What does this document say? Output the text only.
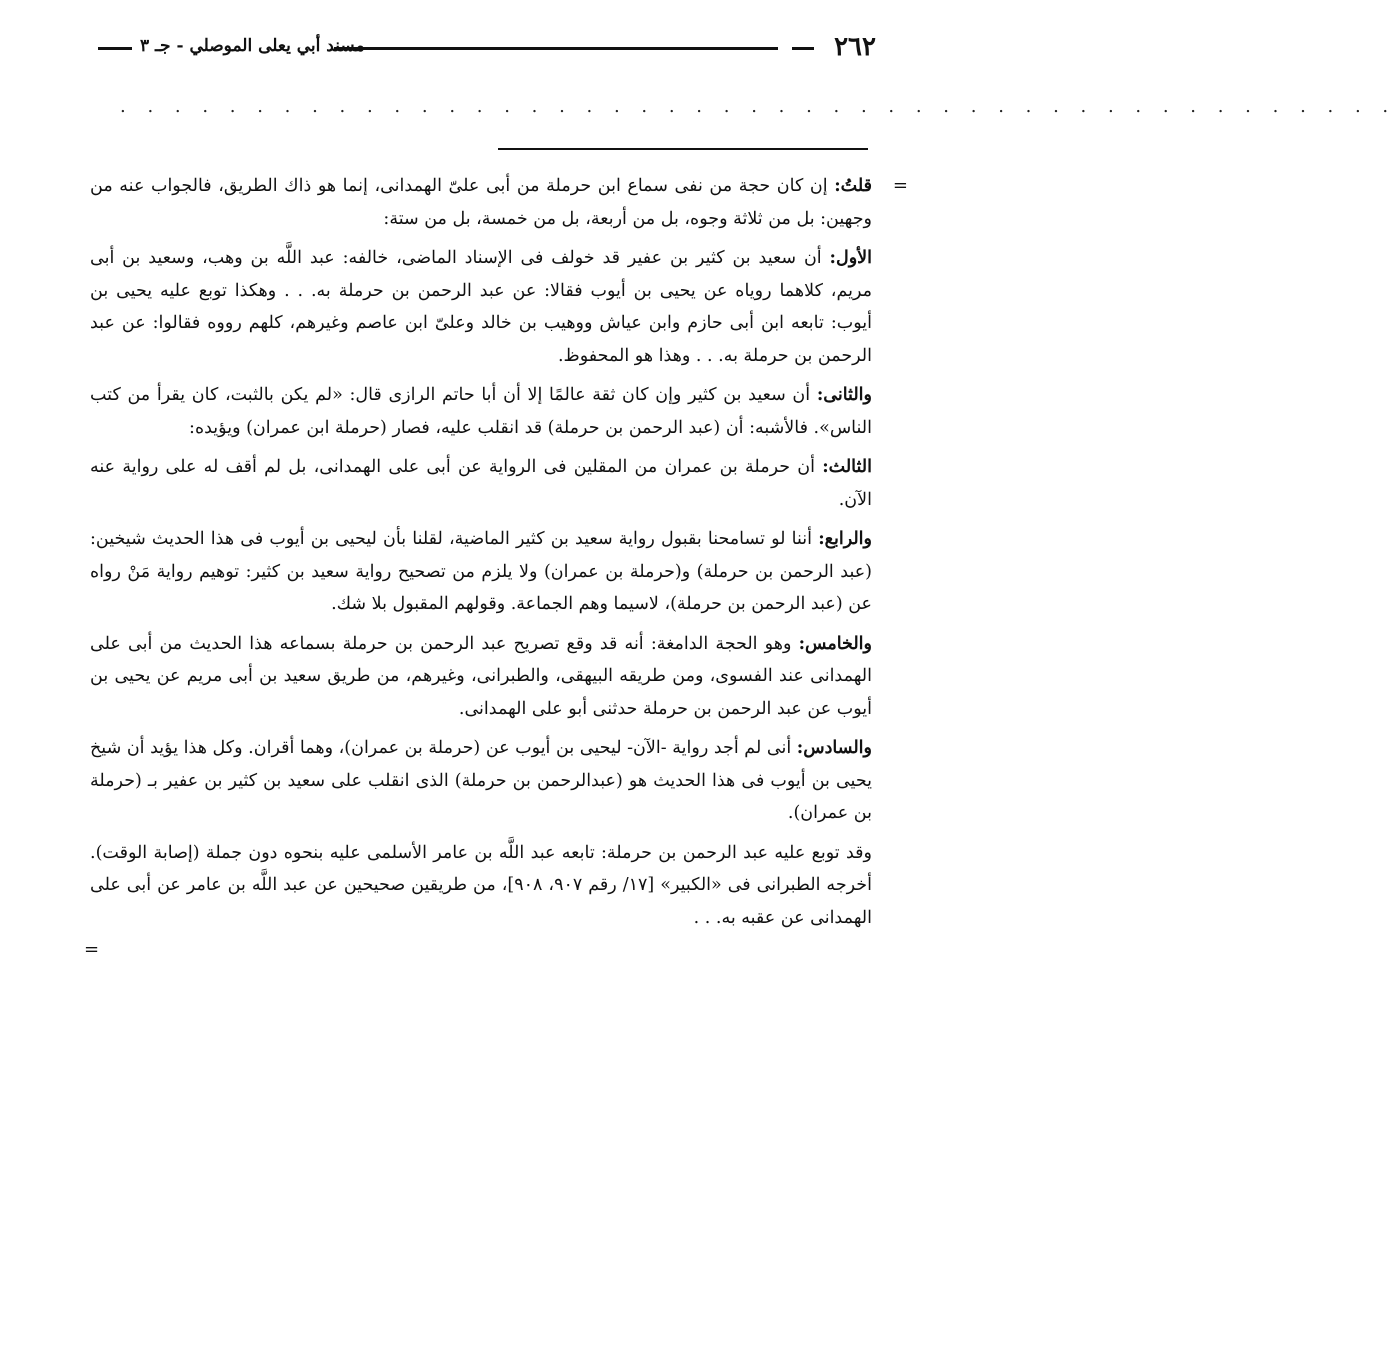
٢٦٢
مسند أبي يعلى الموصلي - جـ ٣
. . . . . . . . . . . . . . . . . . . . . . . . . . . . . . . . . . . . . . . . . . . . . . .

=
قلتُ: إن كان حجة من نفى سماع ابن حرملة من أبى علىّ الهمدانى، إنما هو ذاك الطريق، فالجواب عنه من وجهين: بل من ثلاثة وجوه، بل من أربعة، بل من خمسة، بل من ستة:

الأول: أن سعيد بن كثير بن عفير قد خولف فى الإسناد الماضى، خالفه: عبد اللَّه بن وهب، وسعيد بن أبى مريم، كلاهما روياه عن يحيى بن أيوب فقالا: عن عبد الرحمن بن حرملة به. . . وهكذا توبع عليه يحيى بن أيوب: تابعه ابن أبى حازم وابن عياش ووهيب بن خالد وعلىّ ابن عاصم وغيرهم، كلهم رووه فقالوا: عن عبد الرحمن بن حرملة به. . . وهذا هو المحفوظ.

والثانى: أن سعيد بن كثير وإن كان ثقة عالمًا إلا أن أبا حاتم الرازى قال: «لم يكن بالثبت، كان يقرأ من كتب الناس». فالأشبه: أن (عبد الرحمن بن حرملة) قد انقلب عليه، فصار (حرملة ابن عمران) ويؤيده:

الثالث: أن حرملة بن عمران من المقلين فى الرواية عن أبى على الهمدانى، بل لم أقف له على رواية عنه الآن.

والرابع: أننا لو تسامحنا بقبول رواية سعيد بن كثير الماضية، لقلنا بأن ليحيى بن أيوب فى هذا الحديث شيخين: (عبد الرحمن بن حرملة) و(حرملة بن عمران) ولا يلزم من تصحيح رواية سعيد بن كثير: توهيم رواية مَنْ رواه عن (عبد الرحمن بن حرملة)، لاسيما وهم الجماعة. وقولهم المقبول بلا شك.

والخامس: وهو الحجة الدامغة: أنه قد وقع تصريح عبد الرحمن بن حرملة بسماعه هذا الحديث من أبى على الهمدانى عند الفسوى، ومن طريقه البيهقى، والطبرانى، وغيرهم، من طريق سعيد بن أبى مريم عن يحيى بن أيوب عن عبد الرحمن بن حرملة حدثنى أبو على الهمدانى.

والسادس: أنى لم أجد رواية -الآن- ليحيى بن أيوب عن (حرملة بن عمران)، وهما أقران. وكل هذا يؤيد أن شيخ يحيى بن أيوب فى هذا الحديث هو (عبدالرحمن بن حرملة) الذى انقلب على سعيد بن كثير بن عفير بـ (حرملة بن عمران).

وقد توبع عليه عبد الرحمن بن حرملة: تابعه عبد اللَّه بن عامر الأسلمى عليه بنحوه دون جملة (إصابة الوقت). أخرجه الطبرانى فى «الكبير» [١٧/ رقم ٩٠٧، ٩٠٨]، من طريقين صحيحين عن عبد اللَّه بن عامر عن أبى على الهمدانى عن عقبه به. . .
=
